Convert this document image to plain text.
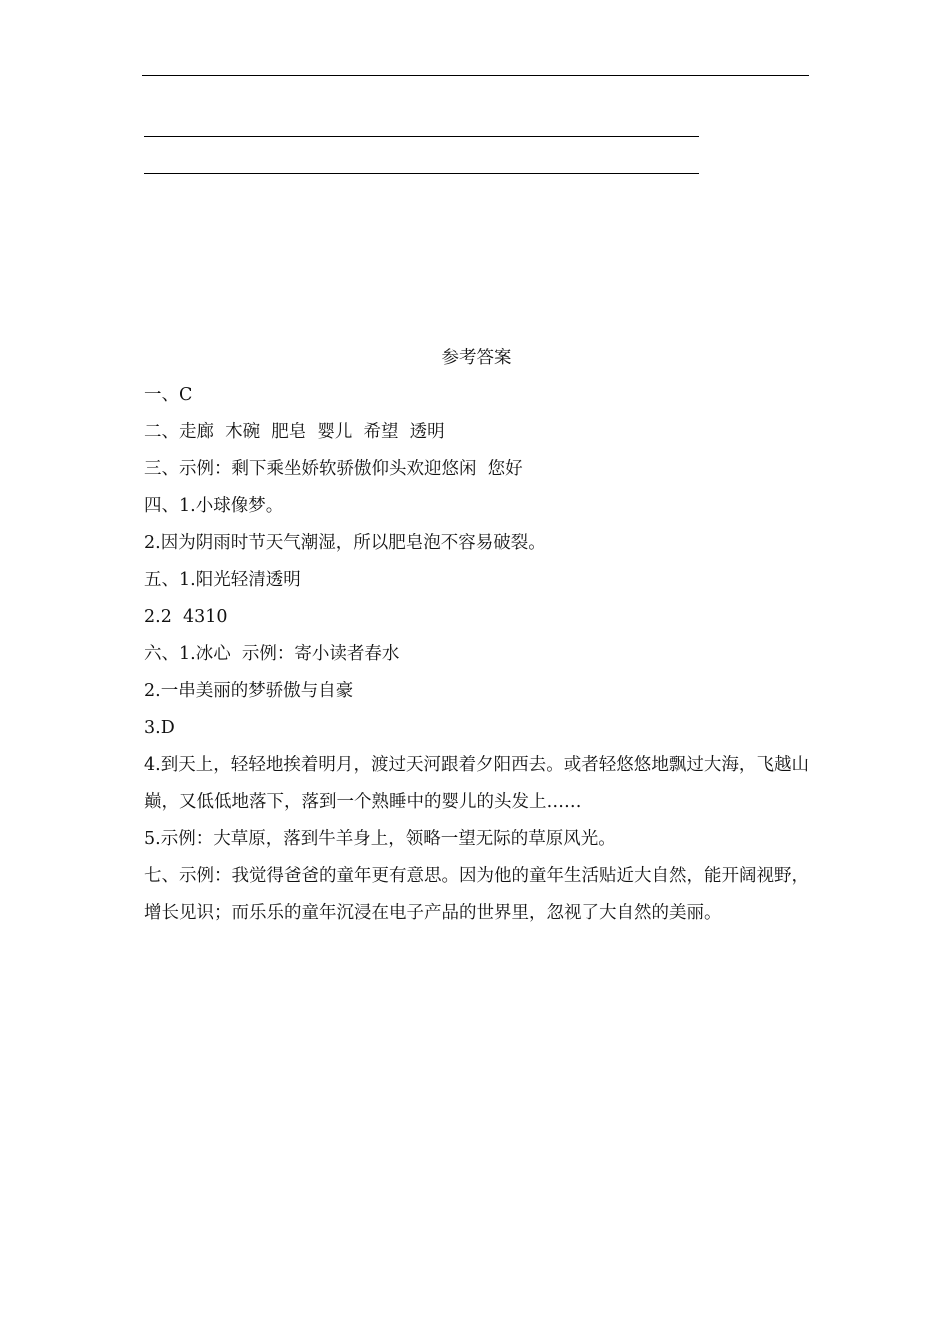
参考答案

一、C

二、走廊  木碗  肥皂  婴儿  希望  透明

三、示例：剩下乘坐娇软骄傲仰头欢迎悠闲  您好

四、1.小球像梦。

2.因为阴雨时节天气潮湿，所以肥皂泡不容易破裂。

五、1.阳光轻清透明

2.2  4310

六、1.冰心  示例：寄小读者春水

2.一串美丽的梦骄傲与自豪

3.D

4.到天上，轻轻地挨着明月，渡过天河跟着夕阳西去。或者轻悠悠地飘过大海，飞越山巅，又低低地落下，落到一个熟睡中的婴儿的头发上……

5.示例：大草原，落到牛羊身上，领略一望无际的草原风光。

七、示例：我觉得爸爸的童年更有意思。因为他的童年生活贴近大自然，能开阔视野，增长见识；而乐乐的童年沉浸在电子产品的世界里，忽视了大自然的美丽。
